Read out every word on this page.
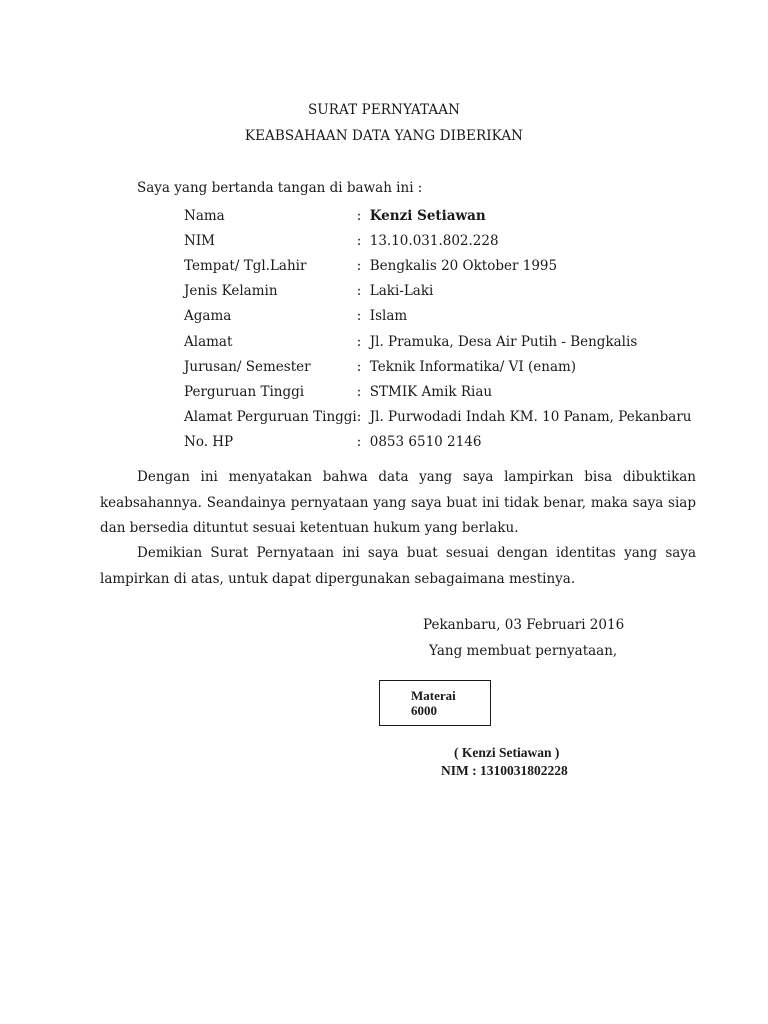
SURAT PERNYATAAN
KEABSAHAAN DATA YANG DIBERIKAN
Saya yang bertanda tangan di bawah ini :
Nama	:	Kenzi Setiawan
NIM	:	13.10.031.802.228
Tempat/ Tgl.Lahir	:	Bengkalis 20 Oktober 1995
Jenis Kelamin	:	Laki-Laki
Agama	:	Islam
Alamat	:	Jl. Pramuka, Desa Air Putih - Bengkalis
Jurusan/ Semester	:	Teknik Informatika/ VI (enam)
Perguruan Tinggi	:	STMIK Amik Riau
Alamat Perguruan Tinggi	:	Jl. Purwodadi Indah KM. 10 Panam, Pekanbaru
No. HP	:	0853 6510 2146
Dengan ini menyatakan bahwa data yang saya lampirkan bisa dibuktikan keabsahannya. Seandainya pernyataan yang saya buat ini tidak benar, maka saya siap dan bersedia dituntut sesuai ketentuan hukum yang berlaku.
Demikian Surat Pernyataan ini saya buat sesuai dengan identitas yang saya lampirkan di atas, untuk dapat dipergunakan sebagaimana mestinya.
Pekanbaru, 03 Februari 2016
Yang membuat pernyataan,
Materai
6000
( Kenzi Setiawan )
NIM : 1310031802228
